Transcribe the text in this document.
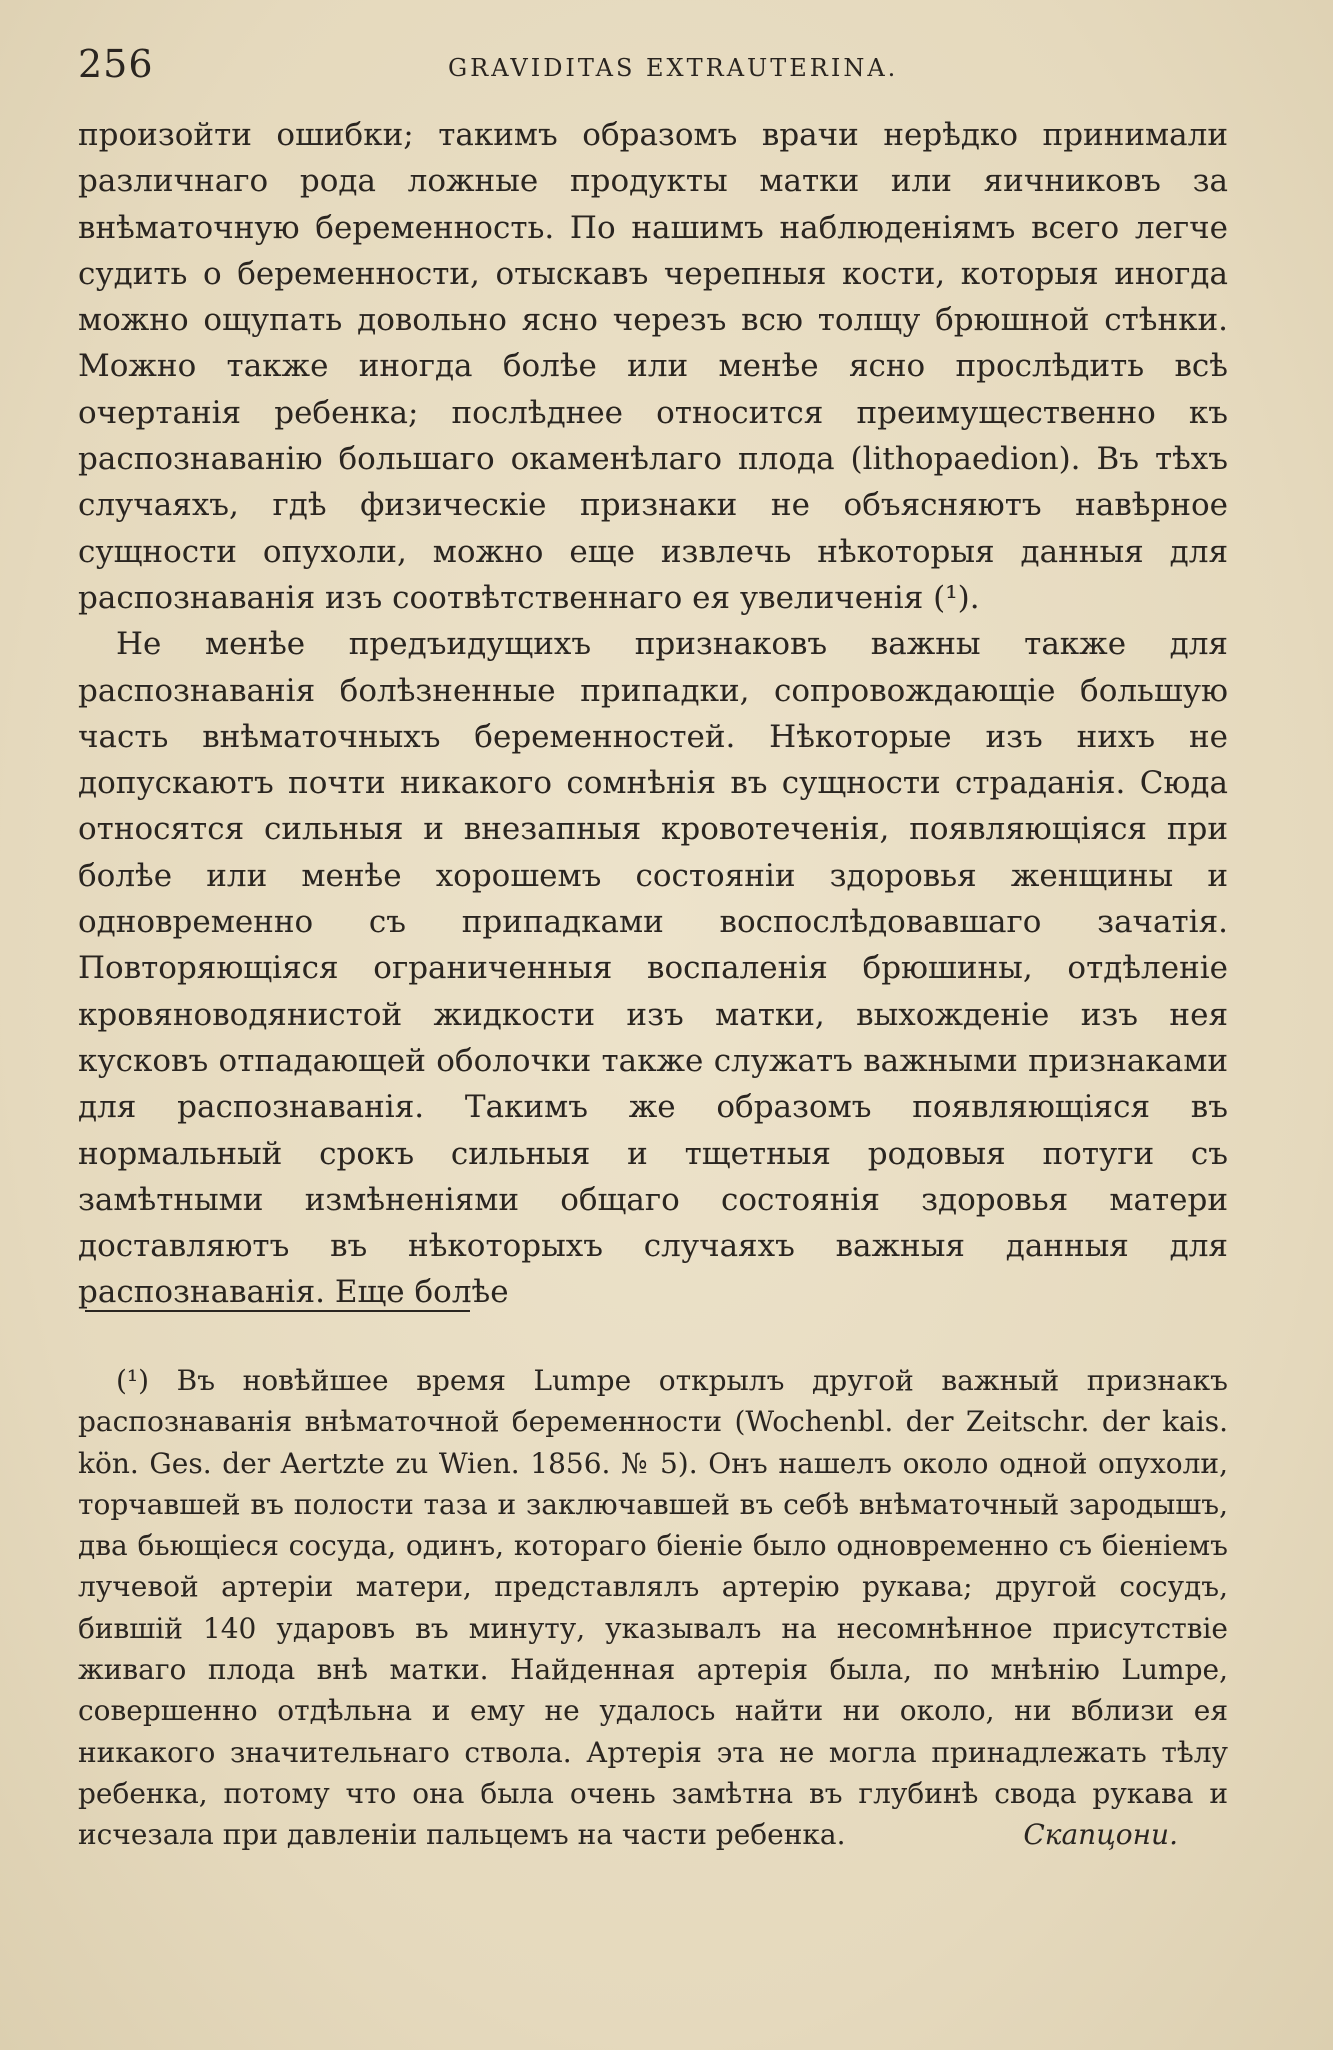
256	GRAVIDITAS EXTRAUTERINA.

произойти ошибки; такимъ образомъ врачи нерѣдко принимали различнаго рода ложные продукты матки или яичниковъ за внѣматочную беременность. По нашимъ наблюденіямъ всего легче судить о беременности, отыскавъ черепныя кости, которыя иногда можно ощупать довольно ясно черезъ всю толщу брюшной стѣнки. Можно также иногда болѣе или менѣе ясно прослѣдить всѣ очертанія ребенка; послѣднее относится преимущественно къ распознаванію большаго окаменѣлаго плода (lithopaedion). Въ тѣхъ случаяхъ, гдѣ физическіе признаки не объясняютъ навѣрное сущности опухоли, можно еще извлечь нѣкоторыя данныя для распознаванія изъ соотвѣтственнаго ея увеличенія (¹).

Не менѣе предъидущихъ признаковъ важны также для распознаванія болѣзненные припадки, сопровождающіе большую часть внѣматочныхъ беременностей. Нѣкоторые изъ нихъ не допускаютъ почти никакого сомнѣнія въ сущности страданія. Сюда относятся сильныя и внезапныя кровотеченія, появляющіяся при болѣе или менѣе хорошемъ состояніи здоровья женщины и одновременно съ припадками воспослѣдовавшаго зачатія. Повторяющіяся ограниченныя воспаленія брюшины, отдѣленіе кровяноводянистой жидкости изъ матки, выхожденіе изъ нея кусковъ отпадающей оболочки также служатъ важными признаками для распознаванія. Такимъ же образомъ появляющіяся въ нормальный срокъ сильныя и тщетныя родовыя потуги съ замѣтными измѣненіями общаго состоянія здоровья матери доставляютъ въ нѣкоторыхъ случаяхъ важныя данныя для распознаванія. Еще болѣе

(¹) Въ новѣйшее время Lumpe открылъ другой важный признакъ распознаванія внѣматочной беременности (Wochenbl. der Zeitschr. der kais. kön. Ges. der Aertzte zu Wien. 1856. № 5). Онъ нашелъ около одной опухоли, торчавшей въ полости таза и заключавшей въ себѣ внѣматочный зародышъ, два бьющіеся сосуда, одинъ, котораго біеніе было одновременно съ біеніемъ лучевой артеріи матери, представлялъ артерію рукава; другой сосудъ, бившій 140 ударовъ въ минуту, указывалъ на несомнѣнное присутствіе живаго плода внѣ матки. Найденная артерія была, по мнѣнію Lumpe, совершенно отдѣльна и ему не удалось найти ни около, ни вблизи ея никакого значительнаго ствола. Артерія эта не могла принадлежать тѣлу ребенка, потому что она была очень замѣтна въ глубинѣ свода рукава и исчезала при давленіи пальцемъ на части ребенка.	Скапцони.
